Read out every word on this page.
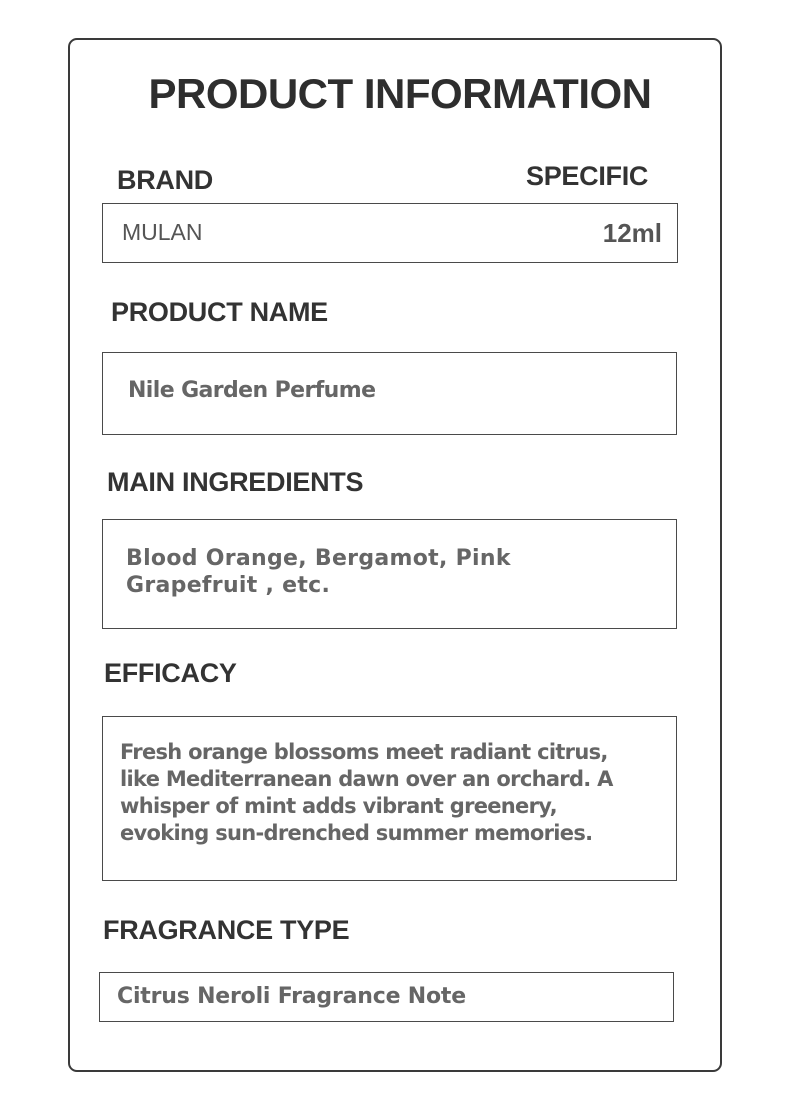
PRODUCT INFORMATION
BRAND	SPECIFIC
MULAN	12ml
PRODUCT NAME
Nile Garden Perfume
MAIN INGREDIENTS
Blood Orange, Bergamot, Pink
Grapefruit , etc.
EFFICACY
Fresh orange blossoms meet radiant citrus,
like Mediterranean dawn over an orchard. A
whisper of mint adds vibrant greenery,
evoking sun-drenched summer memories.
FRAGRANCE TYPE
Citrus Neroli Fragrance Note
